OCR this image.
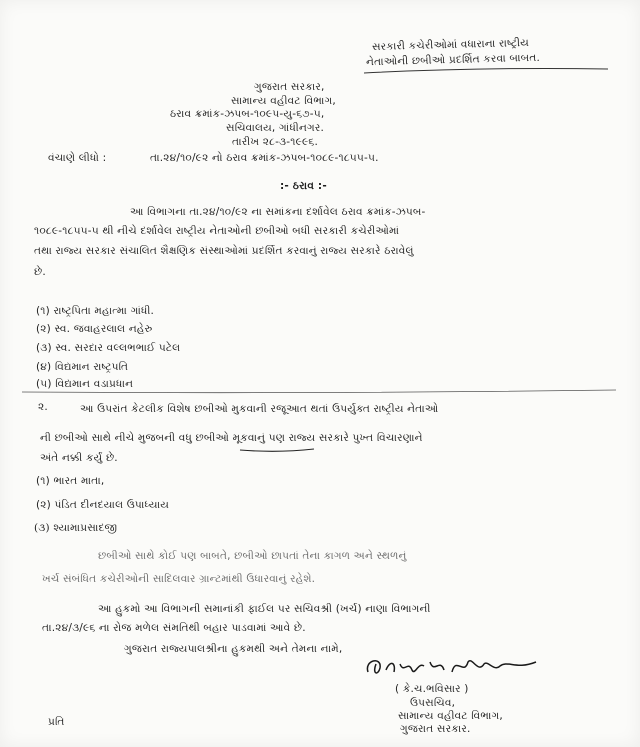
સરકારી કચેરીઓમાં વધારાના રાષ્ટ્રીય
નેતાઓની છબીઓ પ્રદર્શિત કરવા બાબત.
ગુજરાત સરકાર,
સામાન્ય વહીવટ વિભાગ,
ઠરાવ ક્રમાંક-ઝપબ-૧૦૯૫-યુ-૬૭-૫,
સચિવાલય, ગાંધીનગર.
તારીખ ૨૮-૩-૧૯૯૬.
વંચાણે લીધો :	તા.૨૪/૧૦/૯૨ નો ઠરાવ ક્રમાંક-ઝપબ-૧૦૮૯-૧૮૫૫-૫.
:- ઠરાવ :-
આ વિભાગના તા.૨૪/૧૦/૯૨ ના સમાંકના દર્શાવેલ ઠરાવ ક્રમાંક-ઝપબ-
૧૦૮૯-૧૮૫૫-૫ થી નીચે દર્શાવેલ રાષ્ટ્રીય નેતાઓની છબીઓ બધી સરકારી કચેરીઓમાં
તથા રાજ્ય સરકાર સંચાલિત શૈક્ષણિક સંસ્થાઓમાં પ્રદર્શિત કરવાનું રાજ્ય સરકારે ઠરાવેલું
છે.
(૧) રાષ્ટ્રપિતા મહાત્મા ગાંધી.
(૨) સ્વ. જવાહરલાલ નહેરુ
(૩) સ્વ. સરદાર વલ્લભભાઈ પટેલ
(૪) વિદ્યમાન રાષ્ટ્રપતિ
(૫) વિદ્યમાન વડાપ્રધાન
૨.	આ ઉપરાંત કેટલીક વિશેષ છબીઓ મુકવાની રજૂઆત થતાં ઉપર્યુક્ત રાષ્ટ્રીય નેતાઓ
ની છબીઓ સાથે નીચે મુજબની વધુ છબીઓ મૂકવાનું પણ રાજ્ય સરકારે પુખ્ત વિચારણાને
અંતે નક્કી કર્યું છે.
(૧) ભારત માતા,
(૨) પંડિત દીનદયાલ ઉપાધ્યાય
(૩) શ્યામાપ્રસાદજી
છબીઓ સાથે કોઈ પણ બાબતે, છબીઓ છાપતાં તેના કાગળ અને સ્થળનું
ખર્ચ સંબંધિત કચેરીઓની સાદિલવાર ગ્રાન્ટમાંથી ઉધારવાનું રહેશે.
આ હુકમો આ વિભાગની સમાનાંકી ફાઈલ પર સચિવશ્રી (ખર્ચ) નાણા વિભાગની
તા.૨૪/૩/૯૬ ના રોજ મળેલ સંમતિથી બહાર પાડવામાં આવે છે.
ગુજરાત રાજ્યપાલશ્રીના હુકમથી અને તેમના નામે,
( કે.ચ.ભવિસાર )
ઉપસચિવ,
સામાન્ય વહીવટ વિભાગ,
ગુજરાત સરકાર.
પ્રતિ
